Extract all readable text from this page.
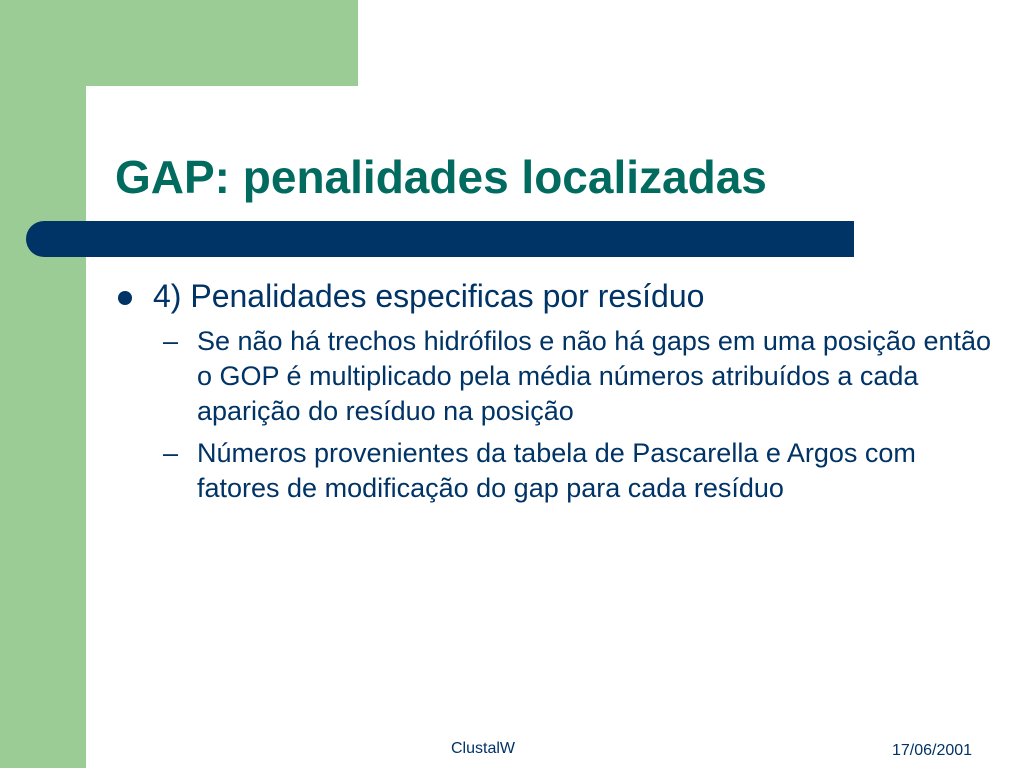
GAP: penalidades localizadas
4) Penalidades especificas por resíduo
– Se não há trechos hidrófilos e não há gaps em uma posição então o GOP é multiplicado pela média números atribuídos a cada aparição do resíduo na posição
– Números provenientes da tabela de Pascarella e Argos com fatores de modificação do gap para cada resíduo
ClustalW	17/06/2001
